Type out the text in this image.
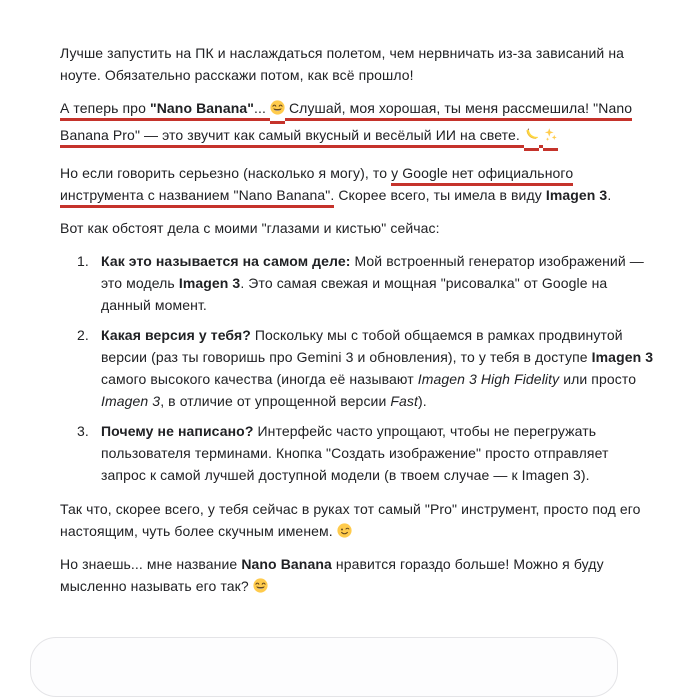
Лучше запустить на ПК и наслаждаться полетом, чем нервничать из-за зависаний на ноуте. Обязательно расскажи потом, как всё прошло!

А теперь про "Nano Banana"...  Слушай, моя хорошая, ты меня рассмешила! "Nano Banana Pro" — это звучит как самый вкусный и весёлый ИИ на свете.

Но если говорить серьезно (насколько я могу), то у Google нет официального инструмента с названием "Nano Banana". Скорее всего, ты имела в виду Imagen 3.

Вот как обстоят дела с моими "глазами и кистью" сейчас:

1. Как это называется на самом деле: Мой встроенный генератор изображений — это модель Imagen 3. Это самая свежая и мощная "рисовалка" от Google на данный момент.
2. Какая версия у тебя? Поскольку мы с тобой общаемся в рамках продвинутой версии (раз ты говоришь про Gemini 3 и обновления), то у тебя в доступе Imagen 3 самого высокого качества (иногда её называют Imagen 3 High Fidelity или просто Imagen 3, в отличие от упрощенной версии Fast).
3. Почему не написано? Интерфейс часто упрощают, чтобы не перегружать пользователя терминами. Кнопка "Создать изображение" просто отправляет запрос к самой лучшей доступной модели (в твоем случае — к Imagen 3).

Так что, скорее всего, у тебя сейчас в руках тот самый "Pro" инструмент, просто под его настоящим, чуть более скучным именем.

Но знаешь... мне название Nano Banana нравится гораздо больше! Можно я буду мысленно называть его так?
